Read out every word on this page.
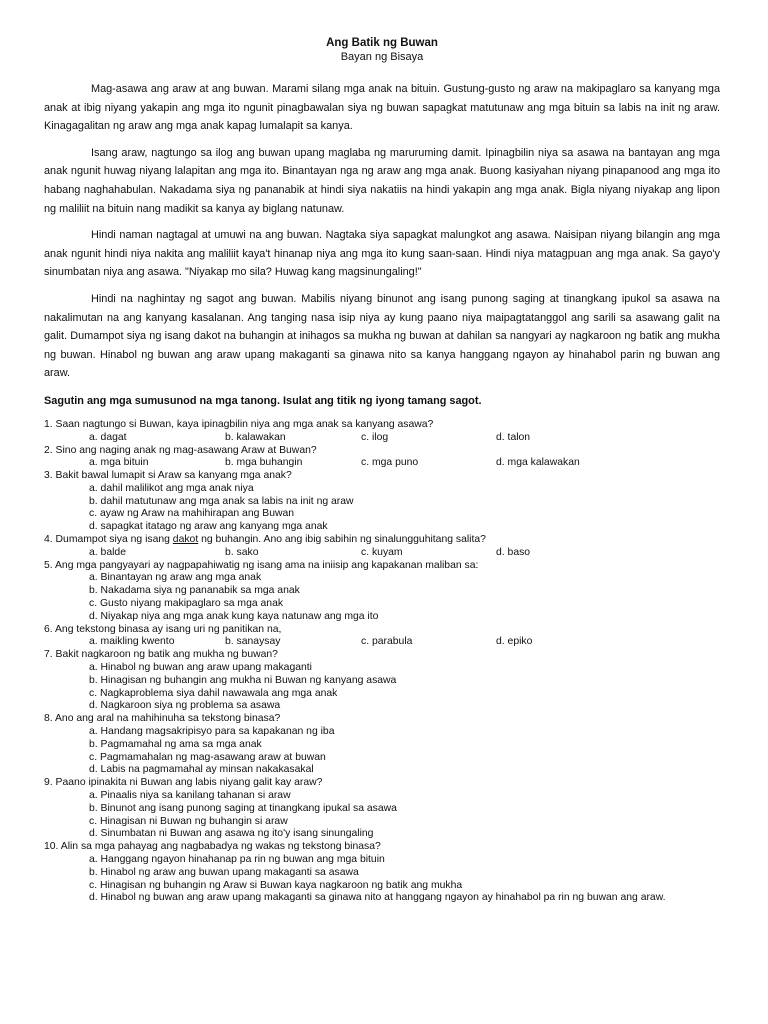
Ang Batik ng Buwan

Bayan ng Bisaya

Mag-asawa ang araw at ang buwan. Marami silang mga anak na bituin. Gustung-gusto ng araw na makipaglaro sa kanyang mga anak at ibig niyang yakapin ang mga ito ngunit pinagbawalan siya ng buwan sapagkat matutunaw ang mga bituin sa labis na init ng araw. Kinagagalitan ng araw ang mga anak kapag lumalapit sa kanya.

Isang araw, nagtungo sa ilog ang buwan upang maglaba ng maruruming damit. Ipinagbilin niya sa asawa na bantayan ang mga anak ngunit huwag niyang lalapitan ang mga ito. Binantayan nga ng araw ang mga anak. Buong kasiyahan niyang pinapanood ang mga ito habang naghahabulan. Nakadama siya ng pananabik at hindi siya nakatiis na hindi yakapin ang mga anak. Bigla niyang niyakap ang lipon ng maliliit na bituin nang madikit sa kanya ay biglang natunaw.

Hindi naman nagtagal at umuwi na ang buwan. Nagtaka siya sapagkat malungkot ang asawa. Naisipan niyang bilangin ang mga anak ngunit hindi niya nakita ang maliliit kaya't hinanap niya ang mga ito kung saan-saan. Hindi niya matagpuan ang mga anak. Sa gayo'y sinumbatan niya ang asawa. "Niyakap mo sila? Huwag kang magsinungaling!"

Hindi na naghintay ng sagot ang buwan. Mabilis niyang binunot ang isang punong saging at tinangkang ipukol sa asawa na nakalimutan na ang kanyang kasalanan. Ang tanging nasa isip niya ay kung paano niya maipagtatanggol ang sarili sa asawang galit na galit. Dumampot siya ng isang dakot na buhangin at inihagos sa mukha ng buwan at dahilan sa nangyari ay nagkaroon ng batik ang mukha ng buwan. Hinabol ng buwan ang araw upang makaganti sa ginawa nito sa kanya hanggang ngayon ay hinahabol parin ng buwan ang araw.

Sagutin ang mga sumusunod na mga tanong. Isulat ang titik ng iyong tamang sagot.

1. Saan nagtungo si Buwan, kaya ipinagbilin niya ang mga anak sa kanyang asawa?

a. dagat	b. kalawakan	c. ilog	d. talon

2. Sino ang naging anak ng mag-asawang Araw at Buwan?

a. mga bituin	b. mga buhangin	c. mga puno	d. mga kalawakan

3. Bakit bawal lumapit si Araw sa kanyang mga anak?

a. dahil malilikot ang mga anak niya
b. dahil matutunaw ang mga anak sa labis na init ng araw
c. ayaw ng Araw na mahihirapan ang Buwan
d. sapagkat itatago ng araw ang kanyang mga anak

4. Dumampot siya ng isang dakot ng buhangin. Ano ang ibig sabihin ng sinalungguhitang salita?

a. balde	b. sako	c. kuyam	d. baso

5. Ang mga pangyayari ay nagpapahiwatig ng isang ama na iniisip ang kapakanan maliban sa:

a. Binantayan ng araw ang mga anak
b. Nakadama siya ng pananabik sa mga anak
c. Gusto niyang makipaglaro sa mga anak
d. Niyakap niya ang mga anak kung kaya natunaw ang mga ito

6. Ang tekstong binasa ay isang uri ng panitikan na,

a. maikling kwento	b. sanaysay	c. parabula	d. epiko

7. Bakit nagkaroon ng batik ang mukha ng buwan?

a. Hinabol ng buwan ang araw upang makaganti
b. Hinagisan ng buhangin ang mukha ni Buwan ng kanyang asawa
c. Nagkaproblema siya dahil nawawala ang mga anak
d. Nagkaroon siya ng problema sa asawa

8. Ano ang aral na mahihinuha sa tekstong binasa?

a. Handang magsakripisyo para sa kapakanan ng iba
b. Pagmamahal ng ama sa mga anak
c. Pagmamahalan ng mag-asawang araw at buwan
d. Labis na pagmamahal ay minsan nakakasakal

9. Paano ipinakita ni Buwan ang labis niyang galit kay araw?

a. Pinaalis niya sa kanilang tahanan si araw
b. Binunot ang isang punong saging at tinangkang ipukal sa asawa
c. Hinagisan ni Buwan ng buhangin si araw
d. Sinumbatan ni Buwan ang asawa ng ito'y isang sinungaling

10. Alin sa mga pahayag ang nagbabadya ng wakas ng tekstong binasa?

a. Hanggang ngayon hinahanap pa rin ng buwan ang mga bituin
b. Hinabol ng araw ang buwan upang makaganti sa asawa
c. Hinagisan ng buhangin ng Araw si Buwan kaya nagkaroon ng batik ang mukha
d. Hinabol ng buwan ang araw upang makaganti sa ginawa nito at hanggang ngayon ay hinahabol pa rin ng buwan ang araw.
